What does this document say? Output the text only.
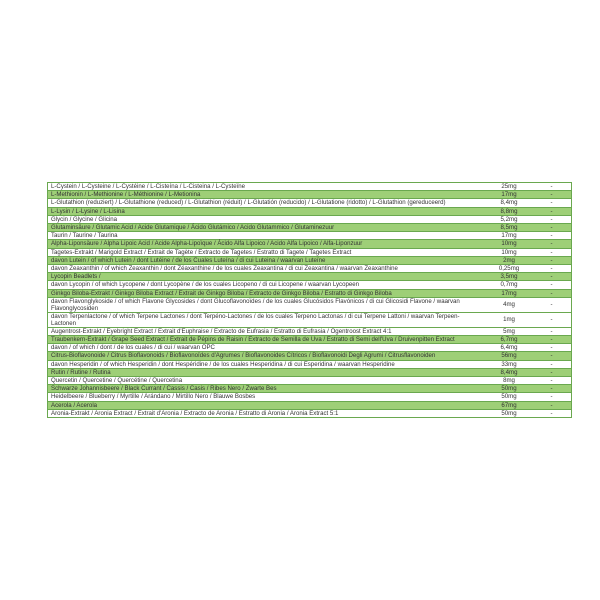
L-Cystein / L-Cysteine / L-Cystéine / L-Cisteína / L-Cisteina / L-Cysteïne	25mg	-
L-Methionin / L-Methionine / L-Méthionine / L-Metionina	17mg	-
L-Glutathion (reduziert) / L-Glutathione (reduced) / L-Glutathion (réduit) / L-Glutatión (reducido) / L-Glutatione (ridotto) / L-Glutathion (gereduceerd)	8,4mg	-
L-Lysin / L-Lysine / L-Lisina	8,8mg	-
Glycin / Glycine / Glicina	5,2mg	-
Glutaminsäure / Glutamic Acid / Acide Glutamique / Ácido Glutámico / Acido Glutammico / Glutaminezuur	8,5mg	-
Taurin / Taurine / Taurina	17mg	-
Alpha-Liponsäure / Alpha Lipoic Acid / Acide Alpha-Lipoïque / Ácido Alfa Lipoico / Acido Alfa Lipoico / Alfa-Liponzuur	10mg	-
Tagetes-Extrakt / Marigold Extract / Extrait de Tagète / Extracto de Tagetes / Estratto di Tagete / Tagetes Extract	10mg	-
davon Lutein / of which Lutein / dont Lutéine / de los Cuales Luteína / di cui Luteina / waarvan Luteïne	2mg	-
davon Zeaxanthin / of which Zeaxanthin / dont Zéaxanthine / de los cuales Zeaxantina / di cui Zeaxantina / waarvan Zeaxanthine	0,25mg	-
Lycopin Beadlets /	3,5mg	-
davon Lycopin / of which Lycopene / dont Lycopène / de los cuales Licopeno / di cui Licopene / waarvan Lycopeen	0,7mg	-
Ginkgo Biloba-Extrakt / Ginkgo Biloba Extract / Extrait de Ginkgo Biloba / Extracto de Ginkgo Biloba / Estratto di Ginkgo Biloba	17mg	-
davon Flavonglykoside / of which Flavone Glycosides / dont Glucoflavonoïdes / de los cuales Glucósidos Flavónicos / di cui Glicosidi Flavone / waarvan Flavonglycosiden	4mg	-
davon Terpenlactone / of which Terpene Lactones / dont Terpéno-Lactones / de los cuales Terpeno Lactonas / di cui Terpene Lattoni / waarvan Terpeen-Lactonen	1mg	-
Augentrost-Extrakt / Eyebright Extract / Extrait d'Euphraise / Extracto de Eufrasia / Estratto di Eufrasia / Ogentroost Extract 4:1	5mg	-
Traubenkern-Extrakt / Grape Seed Extract / Extrait de Pépins de Raisin / Extracto de Semilla de Uva / Estratto di Semi dell'Uva / Druivenpitten Extract	6,7mg	-
davon / of which / dont / de los cuales / di cui / waarvan OPC	6,4mg	-
Citrus-Bioflavonoide / Citrus Bioflavonoids / Bioflavonoïdes d'Agrumes / Bioflavonoides Cítricos / Bioflavonoidi Degli Agrumi / Citrusflavonoiden	56mg	-
davon Hesperidin / of which Hesperidin / dont Hespéridine / de los cuales Hesperidina / di cui Esperidina / waarvan Hesperidine	33mg	-
Rutin / Rutine / Rutina	8,4mg	-
Quercetin / Quercetine / Quercétine / Quercetina	8mg	-
Schwarze Johannisbeere / Black Currant / Cassis / Casis / Ribes Nero / Zwarte Bes	50mg	-
Heidelbeere / Blueberry / Myrtille / Arándano / Mirtillo Nero / Blauwe Bosbes	50mg	-
Acerola / Acerola	67mg	-
Aronia-Extrakt / Aronia Extract / Extrait d'Aronia / Extracto de Aronia / Estratto di Aronia / Aronia Extract 5:1	50mg	-
